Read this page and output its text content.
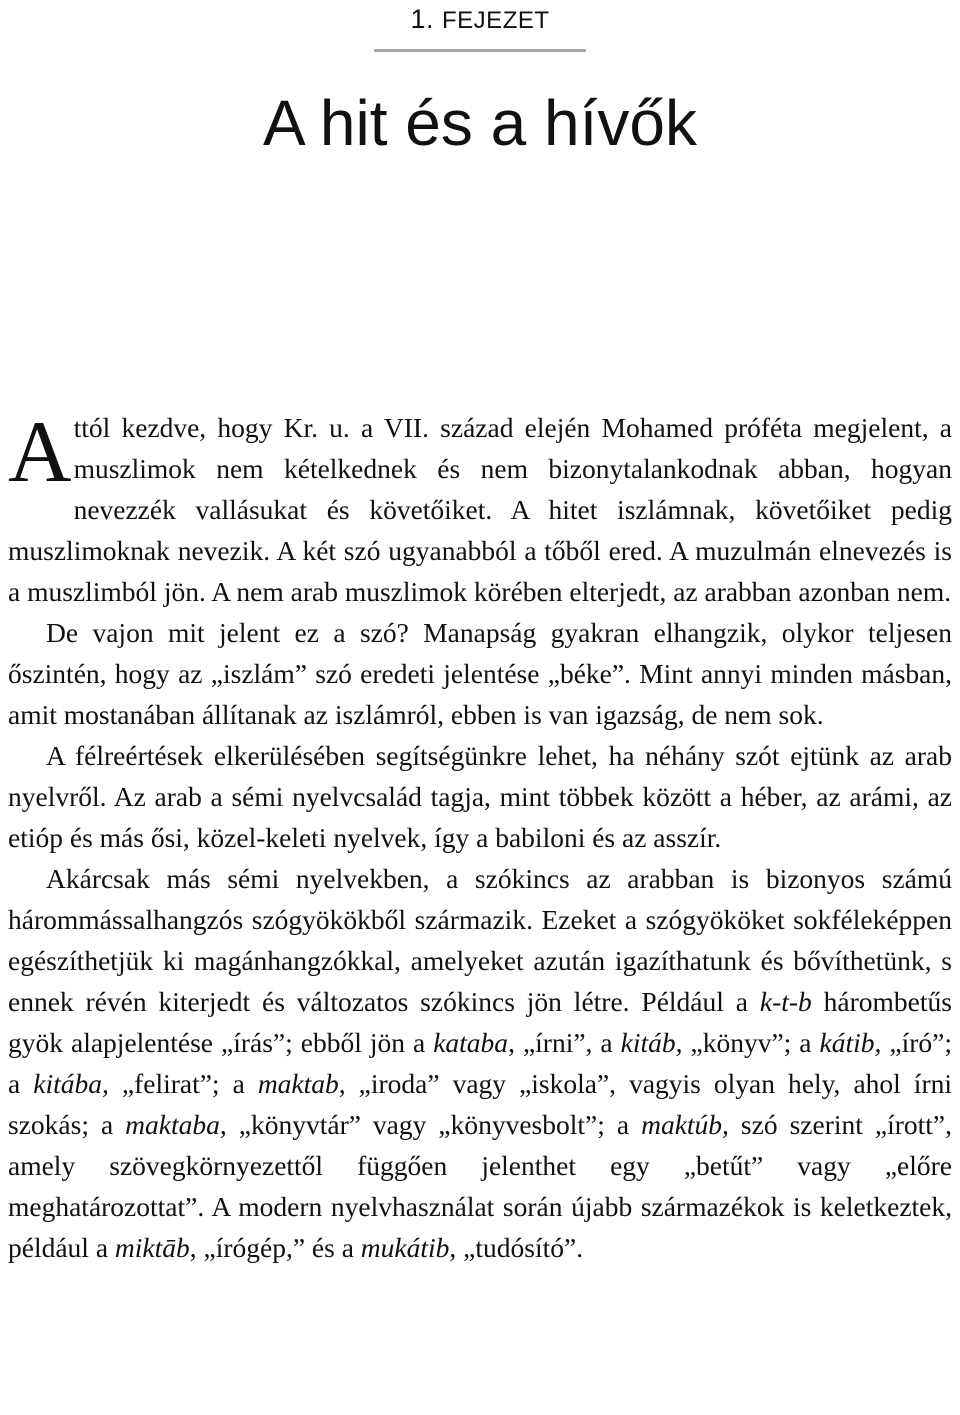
1. FEJEZET
A hit és a hívők

Attól kezdve, hogy Kr. u. a VII. század elején Mohamed próféta megjelent, a muszlimok nem kételkednek és nem bizonytalankodnak abban, hogyan nevezzék vallásukat és követőiket. A hitet iszlámnak, követőiket pedig muszlimoknak nevezik. A két szó ugyanabból a tőből ered. A muzulmán elnevezés is a muszlimból jön. A nem arab muszlimok körében elterjedt, az arabban azonban nem.

De vajon mit jelent ez a szó? Manapság gyakran elhangzik, olykor teljesen őszintén, hogy az „iszlám” szó eredeti jelentése „béke”. Mint annyi minden másban, amit mostanában állítanak az iszlámról, ebben is van igazság, de nem sok.

A félreértések elkerülésében segítségünkre lehet, ha néhány szót ejtünk az arab nyelvről. Az arab a sémi nyelvcsalád tagja, mint többek között a héber, az arámi, az etióp és más ősi, közel-keleti nyelvek, így a babiloni és az asszír.

Akárcsak más sémi nyelvekben, a szókincs az arabban is bizonyos számú hárommássalhangzós szógyökökből származik. Ezeket a szógyököket sokféleképpen egészíthetjük ki magánhangzókkal, amelyeket azután igazíthatunk és bővíthetünk, s ennek révén kiterjedt és változatos szókincs jön létre. Például a k-t-b hárombetűs gyök alapjelentése „írás”; ebből jön a kataba, „írni”, a kitáb, „könyv”; a kátib, „író”; a kitába, „felirat”; a maktab, „iroda” vagy „iskola”, vagyis olyan hely, ahol írni szokás; a maktaba, „könyvtár” vagy „könyvesbolt”; a maktúb, szó szerint „írott”, amely szövegkörnyezettől függően jelenthet egy „betűt” vagy „előre meghatározottat”. A modern nyelvhasználat során újabb származékok is keletkeztek, például a miktāb, „írógép,” és a mukátib, „tudósító”.
